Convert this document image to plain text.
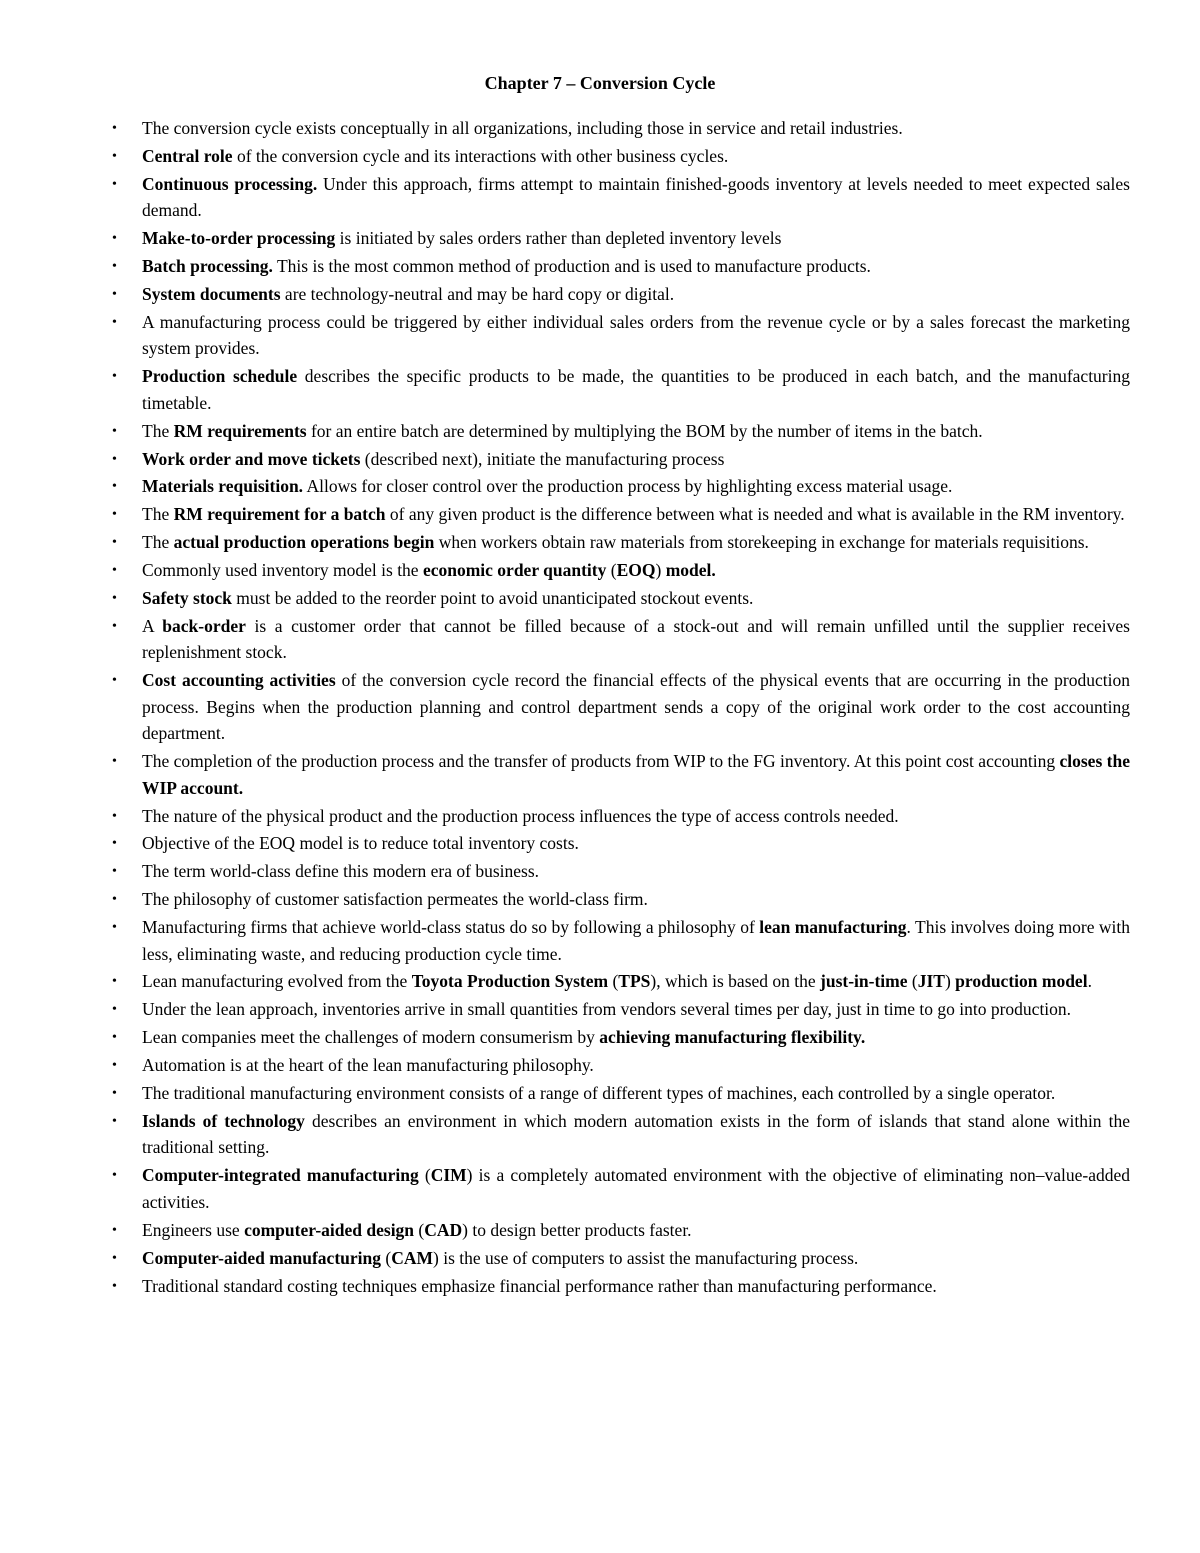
Chapter 7 – Conversion Cycle
• The conversion cycle exists conceptually in all organizations, including those in service and retail industries.
• Central role of the conversion cycle and its interactions with other business cycles.
• Continuous processing. Under this approach, firms attempt to maintain finished-goods inventory at levels needed to meet expected sales demand.
• Make-to-order processing is initiated by sales orders rather than depleted inventory levels
• Batch processing. This is the most common method of production and is used to manufacture products.
• System documents are technology-neutral and may be hard copy or digital.
• A manufacturing process could be triggered by either individual sales orders from the revenue cycle or by a sales forecast the marketing system provides.
• Production schedule describes the specific products to be made, the quantities to be produced in each batch, and the manufacturing timetable.
• The RM requirements for an entire batch are determined by multiplying the BOM by the number of items in the batch.
• Work order and move tickets (described next), initiate the manufacturing process
• Materials requisition. Allows for closer control over the production process by highlighting excess material usage.
• The RM requirement for a batch of any given product is the difference between what is needed and what is available in the RM inventory.
• The actual production operations begin when workers obtain raw materials from storekeeping in exchange for materials requisitions.
• Commonly used inventory model is the economic order quantity (EOQ) model.
• Safety stock must be added to the reorder point to avoid unanticipated stockout events.
• A back-order is a customer order that cannot be filled because of a stock-out and will remain unfilled until the supplier receives replenishment stock.
• Cost accounting activities of the conversion cycle record the financial effects of the physical events that are occurring in the production process. Begins when the production planning and control department sends a copy of the original work order to the cost accounting department.
• The completion of the production process and the transfer of products from WIP to the FG inventory. At this point cost accounting closes the WIP account.
• The nature of the physical product and the production process influences the type of access controls needed.
• Objective of the EOQ model is to reduce total inventory costs.
• The term world-class define this modern era of business.
• The philosophy of customer satisfaction permeates the world-class firm.
• Manufacturing firms that achieve world-class status do so by following a philosophy of lean manufacturing. This involves doing more with less, eliminating waste, and reducing production cycle time.
• Lean manufacturing evolved from the Toyota Production System (TPS), which is based on the just-in-time (JIT) production model.
• Under the lean approach, inventories arrive in small quantities from vendors several times per day, just in time to go into production.
• Lean companies meet the challenges of modern consumerism by achieving manufacturing flexibility.
• Automation is at the heart of the lean manufacturing philosophy.
• The traditional manufacturing environment consists of a range of different types of machines, each controlled by a single operator.
• Islands of technology describes an environment in which modern automation exists in the form of islands that stand alone within the traditional setting.
• Computer-integrated manufacturing (CIM) is a completely automated environment with the objective of eliminating non–value-added activities.
• Engineers use computer-aided design (CAD) to design better products faster.
• Computer-aided manufacturing (CAM) is the use of computers to assist the manufacturing process.
• Traditional standard costing techniques emphasize financial performance rather than manufacturing performance.
